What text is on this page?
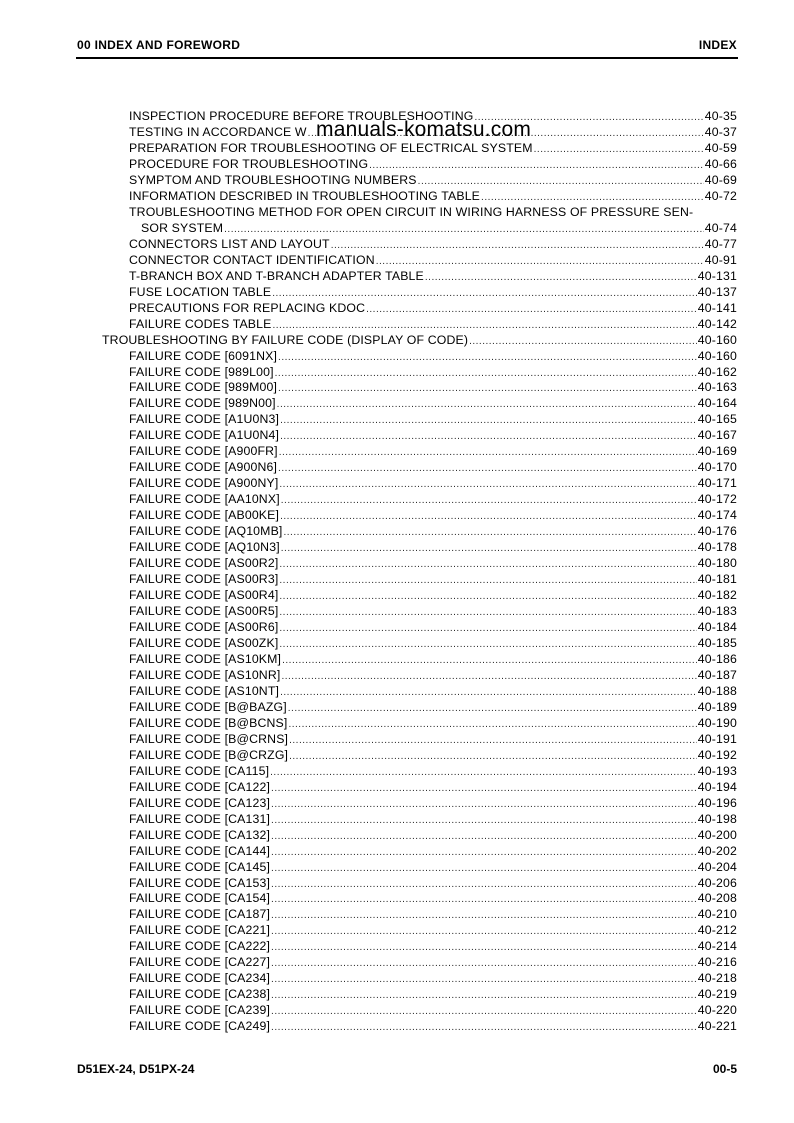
00 INDEX AND FOREWORD	INDEX
INSPECTION PROCEDURE BEFORE TROUBLESHOOTING .....	40-35
TESTING IN ACCORDANCE W .....	40-37
PREPARATION FOR TROUBLESHOOTING OF ELECTRICAL SYSTEM .....	40-59
PROCEDURE FOR TROUBLESHOOTING .....	40-66
SYMPTOM AND TROUBLESHOOTING NUMBERS .....	40-69
INFORMATION DESCRIBED IN TROUBLESHOOTING TABLE .....	40-72
TROUBLESHOOTING METHOD FOR OPEN CIRCUIT IN WIRING HARNESS OF PRESSURE SEN-
SOR SYSTEM .....	40-74
CONNECTORS LIST AND LAYOUT .....	40-77
CONNECTOR CONTACT IDENTIFICATION .....	40-91
T-BRANCH BOX AND T-BRANCH ADAPTER TABLE .....	40-131
FUSE LOCATION TABLE .....	40-137
PRECAUTIONS FOR REPLACING KDOC .....	40-141
FAILURE CODES TABLE .....	40-142
TROUBLESHOOTING BY FAILURE CODE (DISPLAY OF CODE) .....	40-160
FAILURE CODE [6091NX] .....	40-160
FAILURE CODE [989L00] .....	40-162
FAILURE CODE [989M00] .....	40-163
FAILURE CODE [989N00] .....	40-164
FAILURE CODE [A1U0N3] .....	40-165
FAILURE CODE [A1U0N4] .....	40-167
FAILURE CODE [A900FR] .....	40-169
FAILURE CODE [A900N6] .....	40-170
FAILURE CODE [A900NY] .....	40-171
FAILURE CODE [AA10NX] .....	40-172
FAILURE CODE [AB00KE] .....	40-174
FAILURE CODE [AQ10MB] .....	40-176
FAILURE CODE [AQ10N3] .....	40-178
FAILURE CODE [AS00R2] .....	40-180
FAILURE CODE [AS00R3] .....	40-181
FAILURE CODE [AS00R4] .....	40-182
FAILURE CODE [AS00R5] .....	40-183
FAILURE CODE [AS00R6] .....	40-184
FAILURE CODE [AS00ZK] .....	40-185
FAILURE CODE [AS10KM] .....	40-186
FAILURE CODE [AS10NR] .....	40-187
FAILURE CODE [AS10NT] .....	40-188
FAILURE CODE [B@BAZG] .....	40-189
FAILURE CODE [B@BCNS] .....	40-190
FAILURE CODE [B@CRNS] .....	40-191
FAILURE CODE [B@CRZG] .....	40-192
FAILURE CODE [CA115] .....	40-193
FAILURE CODE [CA122] .....	40-194
FAILURE CODE [CA123] .....	40-196
FAILURE CODE [CA131] .....	40-198
FAILURE CODE [CA132] .....	40-200
FAILURE CODE [CA144] .....	40-202
FAILURE CODE [CA145] .....	40-204
FAILURE CODE [CA153] .....	40-206
FAILURE CODE [CA154] .....	40-208
FAILURE CODE [CA187] .....	40-210
FAILURE CODE [CA221] .....	40-212
FAILURE CODE [CA222] .....	40-214
FAILURE CODE [CA227] .....	40-216
FAILURE CODE [CA234] .....	40-218
FAILURE CODE [CA238] .....	40-219
FAILURE CODE [CA239] .....	40-220
FAILURE CODE [CA249] .....	40-221
manuals-komatsu.com
D51EX-24, D51PX-24	00-5
